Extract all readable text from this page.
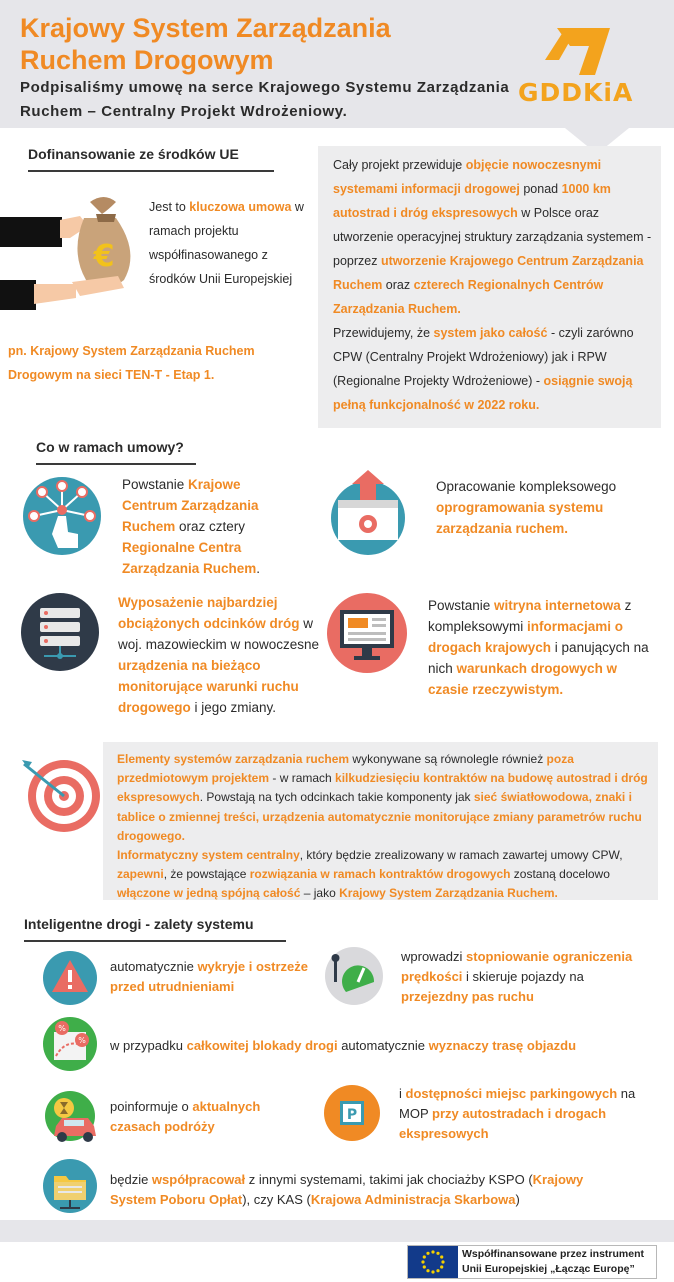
Krajowy System Zarządzania Ruchem Drogowym
Podpisaliśmy umowę na serce Krajowego Systemu Zarządzania Ruchem – Centralny Projekt Wdrożeniowy.
GDDKiA
Dofinansowanie ze środków UE
€
Jest to kluczowa umowa w ramach projektu współfinasowanego z środków Unii Europejskiej
pn. Krajowy System Zarządzania Ruchem Drogowym na sieci TEN-T - Etap 1.
Cały projekt przewiduje objęcie nowoczesnymi systemami informacji drogowej ponad 1000 km autostrad i dróg ekspresowych w Polsce oraz utworzenie operacyjnej struktury zarządzania systemem - poprzez utworzenie Krajowego Centrum Zarządzania Ruchem oraz czterech Regionalnych Centrów Zarządzania Ruchem.
Przewidujemy, że system jako całość - czyli zarówno CPW (Centralny Projekt Wdrożeniowy) jak i RPW (Regionalne Projekty Wdrożeniowe) - osiągnie swoją pełną funkcjonalność w 2022 roku.
Co w ramach umowy?
Powstanie Krajowe Centrum Zarządzania Ruchem oraz cztery Regionalne Centra Zarządzania Ruchem.
Opracowanie kompleksowego oprogramowania systemu zarządzania ruchem.
Wyposażenie najbardziej obciążonych odcinków dróg w woj. mazowieckim w nowoczesne urządzenia na bieżąco monitorujące warunki ruchu drogowego i jego zmiany.
Powstanie witryna internetowa z kompleksowymi informacjami o drogach krajowych i panujących na nich warunkach drogowych w czasie rzeczywistym.
Elementy systemów zarządzania ruchem wykonywane są równolegle również poza przedmiotowym projektem - w ramach kilkudziesięciu kontraktów na budowę autostrad i dróg ekspresowych. Powstają na tych odcinkach takie komponenty jak sieć światłowodowa, znaki i tablice o zmiennej treści, urządzenia automatycznie monitorujące zmiany parametrów ruchu drogowego.
Informatyczny system centralny, który będzie zrealizowany w ramach zawartej umowy CPW, zapewni, że powstające rozwiązania w ramach kontraktów drogowych zostaną docelowo włączone w jedną spójną całość – jako Krajowy System Zarządzania Ruchem.
Inteligentne drogi - zalety systemu
automatycznie wykryje i ostrzeże przed utrudnieniami
wprowadzi stopniowanie ograniczenia prędkości i skieruje pojazdy na przejezdny pas ruchu
%
% w przypadku całkowitej blokady drogi automatycznie wyznaczy trasę objazdu
poinformuje o aktualnych czasach podróży
P
i dostępności miejsc parkingowych na MOP przy autostradach i drogach ekspresowych
będzie współpracował z innymi systemami, takimi jak chociażby KSPO (Krajowy System Poboru Opłat), czy KAS (Krajowa Administracja Skarbowa)
Współfinansowane przez instrument Unii Europejskiej „Łącząc Europę”
